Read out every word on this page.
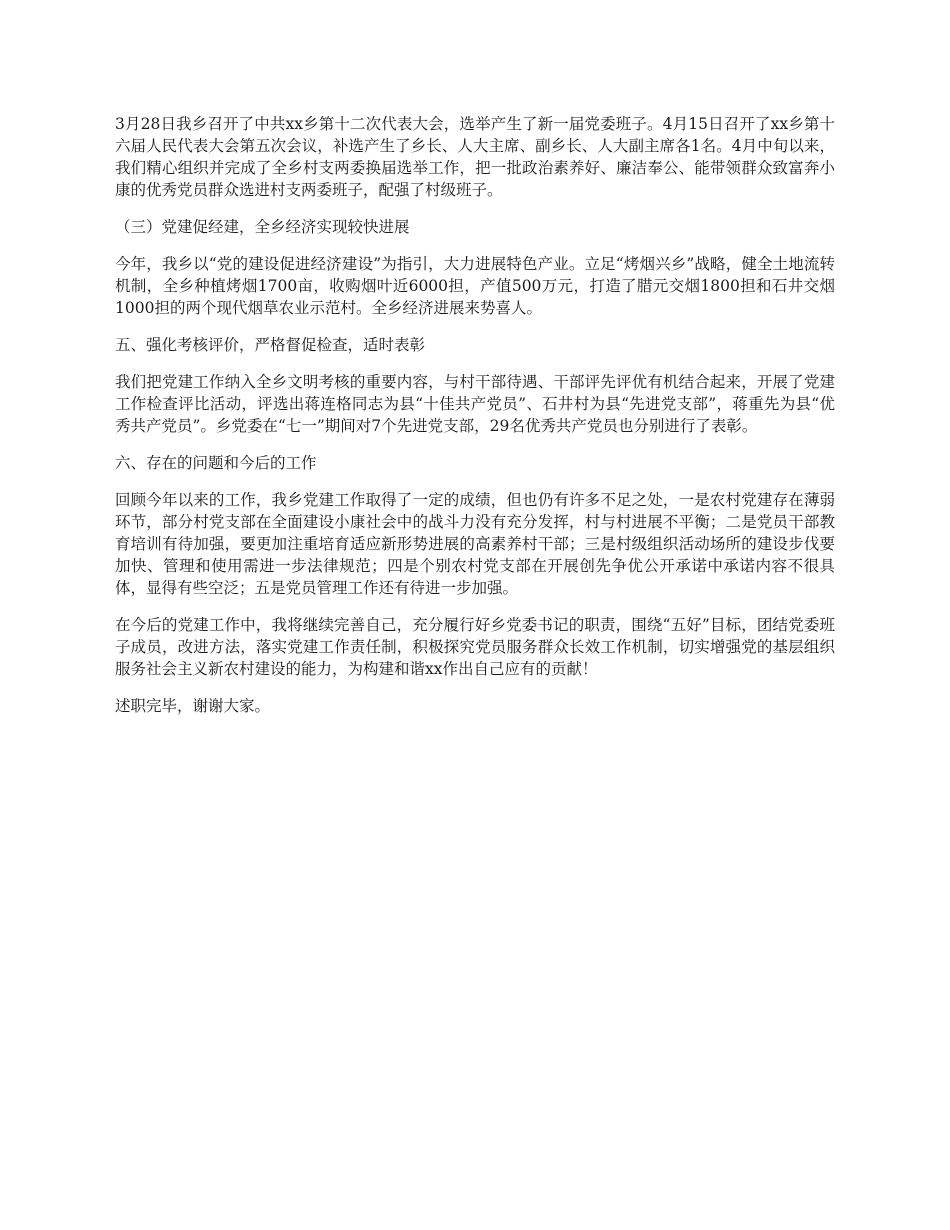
3月28日我乡召开了中共xx乡第十二次代表大会，选举产生了新一届党委班子。4月15日召开了xx乡第十六届人民代表大会第五次会议，补选产生了乡长、人大主席、副乡长、人大副主席各1名。4月中旬以来，我们精心组织并完成了全乡村支两委换届选举工作，把一批政治素养好、廉洁奉公、能带领群众致富奔小康的优秀党员群众选进村支两委班子，配强了村级班子。

（三）党建促经建，全乡经济实现较快进展

今年，我乡以“党的建设促进经济建设”为指引，大力进展特色产业。立足“烤烟兴乡”战略，健全土地流转机制，全乡种植烤烟1700亩，收购烟叶近6000担，产值500万元，打造了腊元交烟1800担和石井交烟1000担的两个现代烟草农业示范村。全乡经济进展来势喜人。

五、强化考核评价，严格督促检查，适时表彰

我们把党建工作纳入全乡文明考核的重要内容，与村干部待遇、干部评先评优有机结合起来，开展了党建工作检查评比活动，评选出蒋连格同志为县“十佳共产党员”、石井村为县“先进党支部”，蒋重先为县“优秀共产党员”。乡党委在“七一”期间对7个先进党支部，29名优秀共产党员也分别进行了表彰。

六、存在的问题和今后的工作

回顾今年以来的工作，我乡党建工作取得了一定的成绩，但也仍有许多不足之处，一是农村党建存在薄弱环节，部分村党支部在全面建设小康社会中的战斗力没有充分发挥，村与村进展不平衡；二是党员干部教育培训有待加强，要更加注重培育适应新形势进展的高素养村干部；三是村级组织活动场所的建设步伐要加快、管理和使用需进一步法律规范；四是个别农村党支部在开展创先争优公开承诺中承诺内容不很具体，显得有些空泛；五是党员管理工作还有待进一步加强。

在今后的党建工作中，我将继续完善自己，充分履行好乡党委书记的职责，围绕“五好”目标，团结党委班子成员，改进方法，落实党建工作责任制，积极探究党员服务群众长效工作机制，切实增强党的基层组织服务社会主义新农村建设的能力，为构建和谐xx作出自己应有的贡献！

述职完毕，谢谢大家。
